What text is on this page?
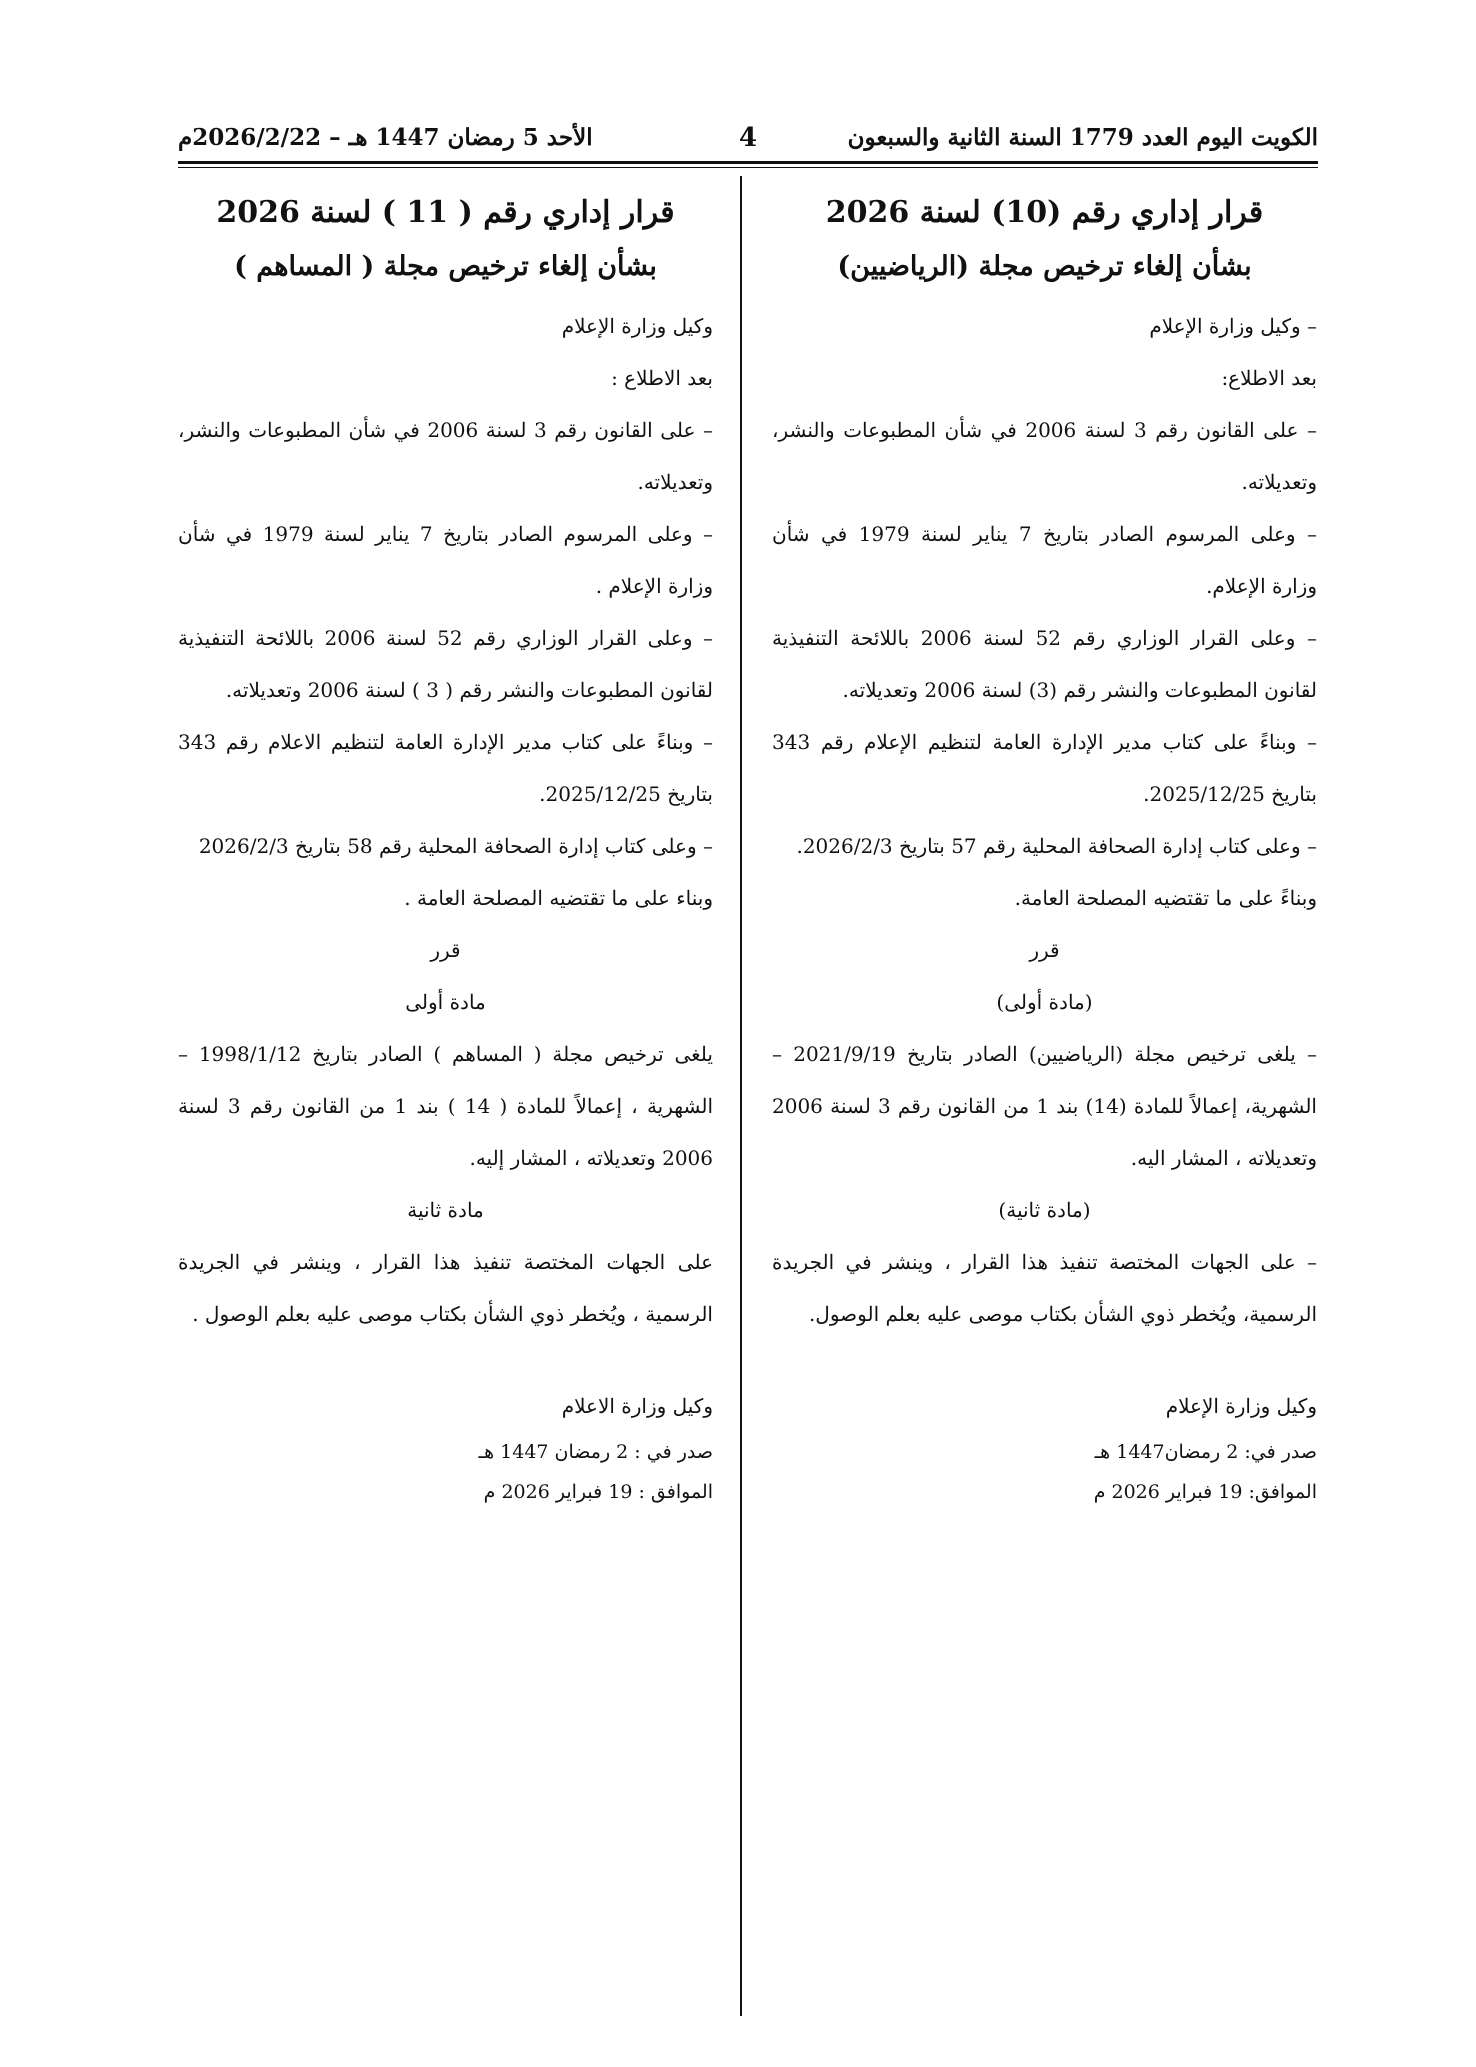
الكويت اليوم العدد 1779 السنة الثانية والسبعون
4
الأحد 5 رمضان 1447 هـ – 2026/2/22م
قرار إداري رقم (10) لسنة 2026
بشأن إلغاء ترخيص مجلة (الرياضيين)

– وكيل وزارة الإعلام

بعد الاطلاع:

– على القانون رقم 3 لسنة 2006 في شأن المطبوعات والنشر، وتعديلاته.

– وعلى المرسوم الصادر بتاريخ 7 يناير لسنة 1979 في شأن وزارة الإعلام.

– وعلى القرار الوزاري رقم 52 لسنة 2006 باللائحة التنفيذية لقانون المطبوعات والنشر رقم (3) لسنة 2006 وتعديلاته.

– وبناءً على كتاب مدير الإدارة العامة لتنظيم الإعلام رقم 343 بتاريخ 2025/12/25.

– وعلى كتاب إدارة الصحافة المحلية رقم 57 بتاريخ 2026/2/3.

وبناءً على ما تقتضيه المصلحة العامة.

قرر

(مادة أولى)

– يلغى ترخيص مجلة (الرياضيين) الصادر بتاريخ 2021/9/19 – الشهرية، إعمالاً للمادة (14) بند 1 من القانون رقم 3 لسنة 2006 وتعديلاته ، المشار اليه.

(مادة ثانية)

– على الجهات المختصة تنفيذ هذا القرار ، وينشر في الجريدة الرسمية، ويُخطر ذوي الشأن بكتاب موصى عليه بعلم الوصول.

وكيل وزارة الإعلام

صدر في: 2 رمضان1447 هـ

الموافق: 19 فبراير 2026 م

قرار إداري رقم ( 11 ) لسنة 2026
بشأن إلغاء ترخيص مجلة ( المساهم )

وكيل وزارة الإعلام

بعد الاطلاع :

– على القانون رقم 3 لسنة 2006 في شأن المطبوعات والنشر، وتعديلاته.

– وعلى المرسوم الصادر بتاريخ 7 يناير لسنة 1979 في شأن وزارة الإعلام .

– وعلى القرار الوزاري رقم 52 لسنة 2006 باللائحة التنفيذية لقانون المطبوعات والنشر رقم ( 3 ) لسنة 2006 وتعديلاته.

– وبناءً على كتاب مدير الإدارة العامة لتنظيم الاعلام رقم 343 بتاريخ 2025/12/25.

– وعلى كتاب إدارة الصحافة المحلية رقم 58 بتاريخ 2026/2/3

وبناء على ما تقتضيه المصلحة العامة .

قرر

مادة أولى

يلغى ترخيص مجلة ( المساهم ) الصادر بتاريخ 1998/1/12 – الشهرية ، إعمالاً للمادة ( 14 ) بند 1 من القانون رقم 3 لسنة 2006 وتعديلاته ، المشار إليه.

مادة ثانية

على الجهات المختصة تنفيذ هذا القرار ، وينشر في الجريدة الرسمية ، ويُخطر ذوي الشأن بكتاب موصى عليه بعلم الوصول .

وكيل وزارة الاعلام

صدر في : 2 رمضان 1447 هـ

الموافق : 19 فبراير 2026 م
